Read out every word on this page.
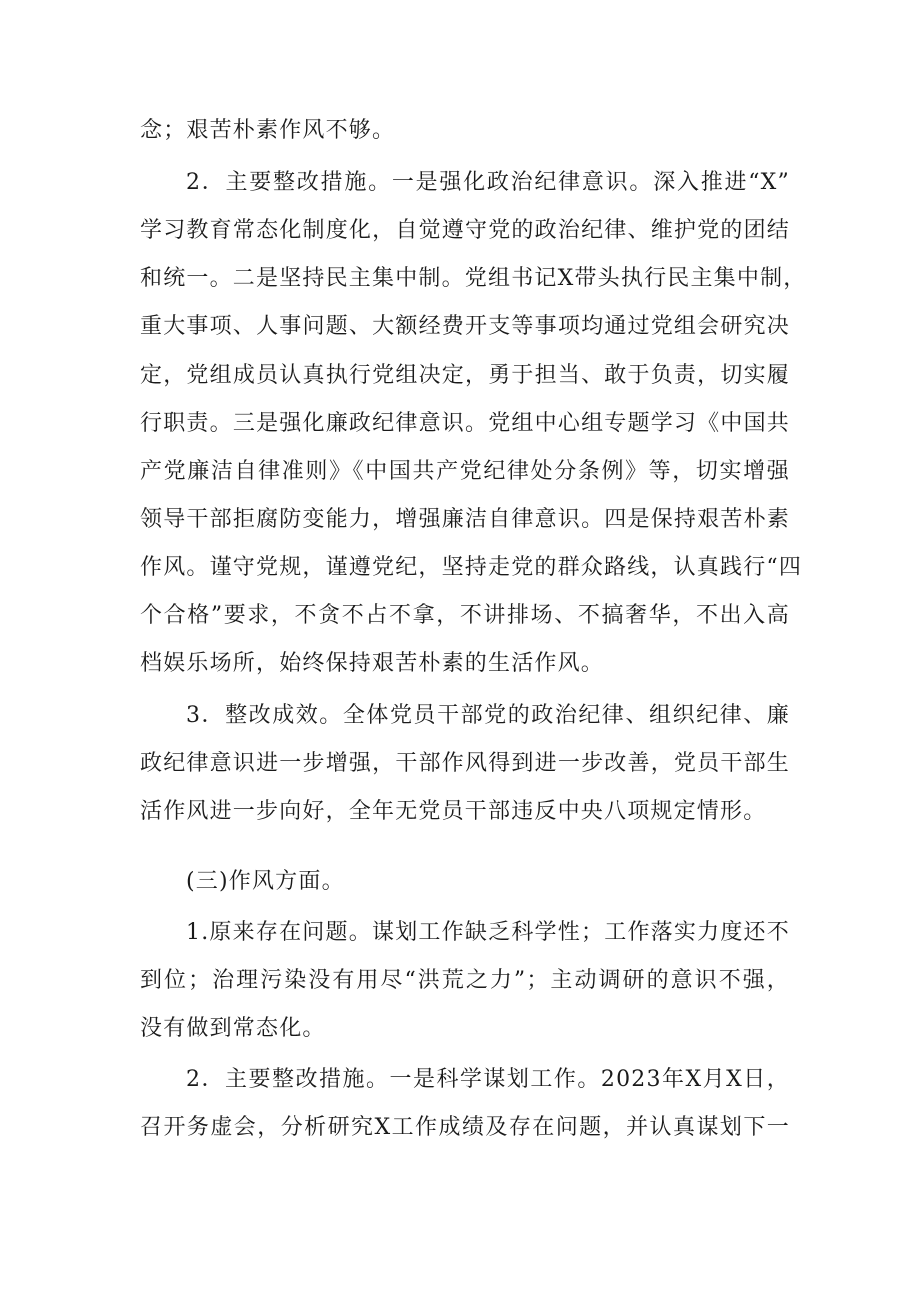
念；艰苦朴素作风不够。
2．主要整改措施。一是强化政治纪律意识。深入推进“X”
学习教育常态化制度化，自觉遵守党的政治纪律、维护党的团结
和统一。二是坚持民主集中制。党组书记X带头执行民主集中制，
重大事项、人事问题、大额经费开支等事项均通过党组会研究决
定，党组成员认真执行党组决定，勇于担当、敢于负责，切实履
行职责。三是强化廉政纪律意识。党组中心组专题学习《中国共
产党廉洁自律准则》《中国共产党纪律处分条例》等，切实增强
领导干部拒腐防变能力，增强廉洁自律意识。四是保持艰苦朴素
作风。谨守党规，谨遵党纪，坚持走党的群众路线，认真践行“四
个合格”要求，不贪不占不拿，不讲排场、不搞奢华，不出入高
档娱乐场所，始终保持艰苦朴素的生活作风。
3．整改成效。全体党员干部党的政治纪律、组织纪律、廉
政纪律意识进一步增强，干部作风得到进一步改善，党员干部生
活作风进一步向好，全年无党员干部违反中央八项规定情形。
(三)作风方面。
1.原来存在问题。谋划工作缺乏科学性；工作落实力度还不
到位；治理污染没有用尽“洪荒之力”；主动调研的意识不强，
没有做到常态化。
2．主要整改措施。一是科学谋划工作。2023年X月X日，
召开务虚会，分析研究X工作成绩及存在问题，并认真谋划下一
